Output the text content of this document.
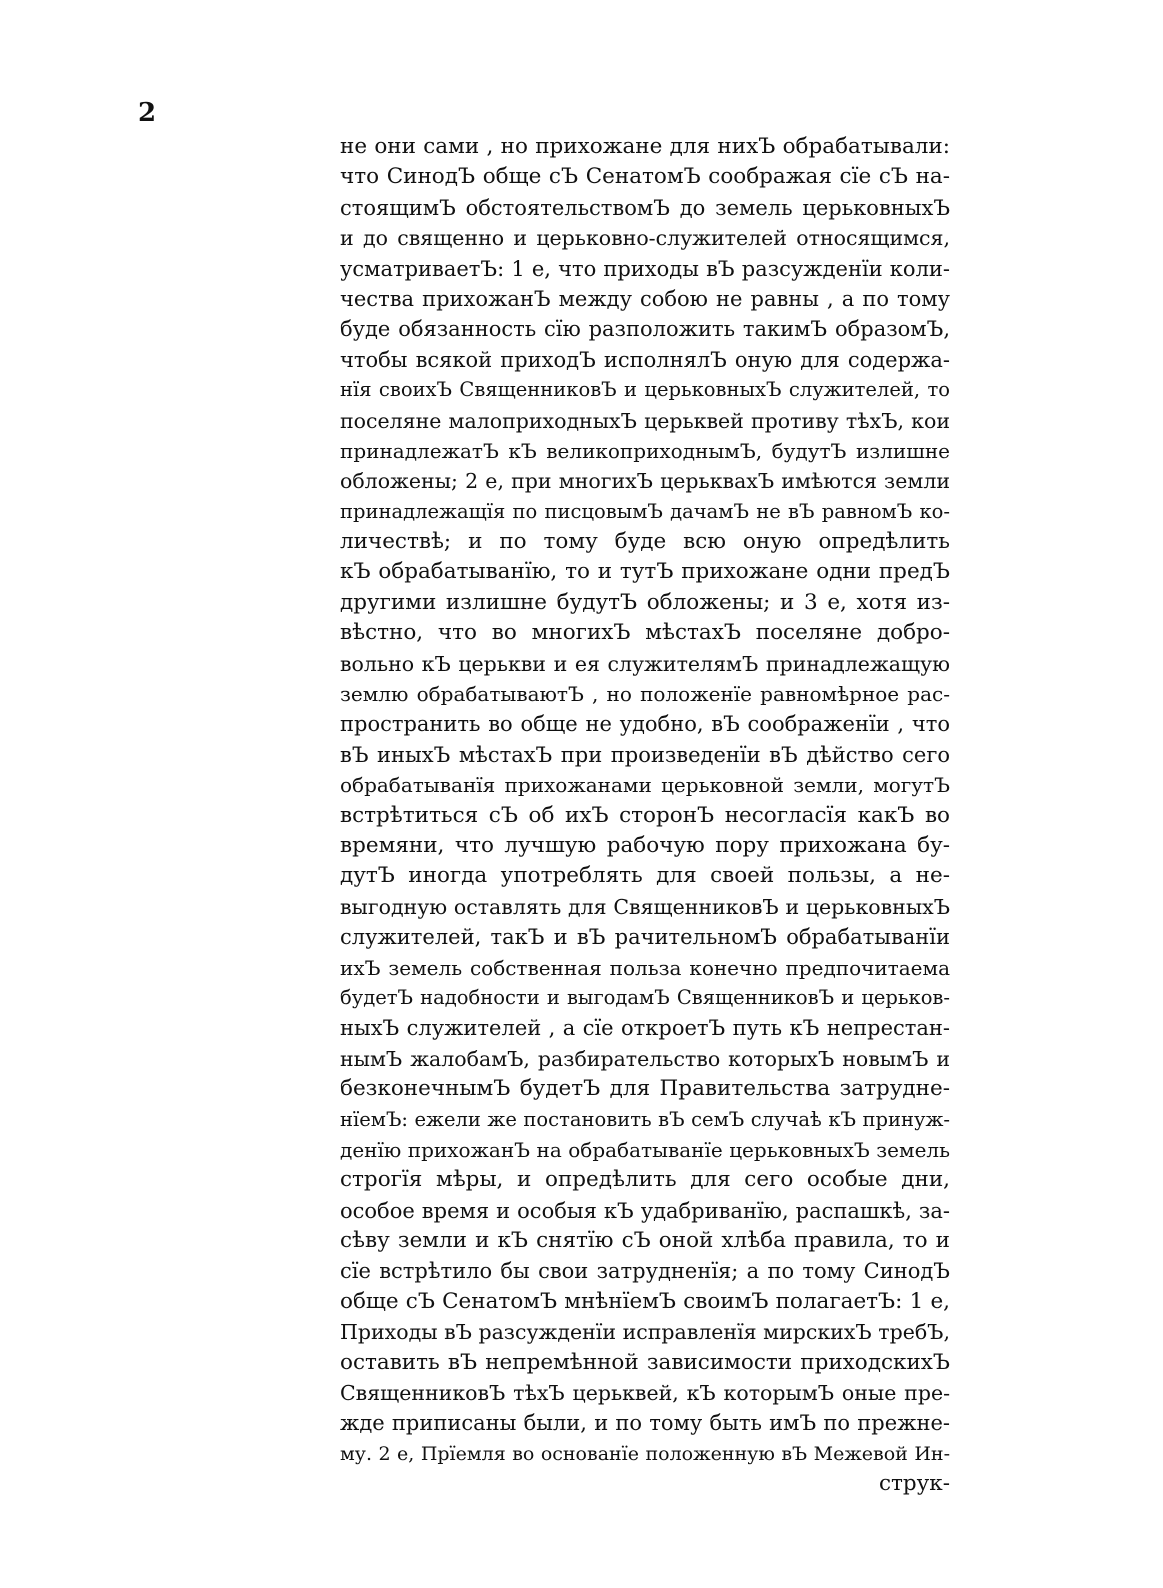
2
не они сами , но прихожане для нихЪ обрабатывали:
что СинодЪ обще сЪ СенатомЪ соображая сїе сЪ на-
стоящимЪ обстоятельствомЪ до земель церьковныхЪ
и до священно и церьковно-служителей относящимся,
усматриваетЪ: 1 е, что приходы вЪ разсужденїи коли-
чества прихожанЪ между собою не равны , а по тому
буде обязанность сїю разположить такимЪ образомЪ,
чтобы всякой приходЪ исполнялЪ оную для содержа-
нїя своихЪ СвященниковЪ и церьковныхЪ служителей, то
поселяне малоприходныхЪ церьквей противу тѣхЪ, кои
принадлежатЪ кЪ великоприходнымЪ, будутЪ излишне
обложены; 2 е, при многихЪ церьквахЪ имѣются земли
принадлежащїя по писцовымЪ дачамЪ не вЪ равномЪ ко-
личествѣ; и по тому буде всю оную опредѣлить
кЪ обрабатыванїю, то и тутЪ прихожане одни предЪ
другими излишне будутЪ обложены; и 3 е, хотя из-
вѣстно, что во многихЪ мѣстахЪ поселяне добро-
вольно кЪ церькви и ея служителямЪ принадлежащую
землю обрабатываютЪ , но положенїе равномѣрное рас-
пространить во обще не удобно, вЪ соображенїи , что
вЪ иныхЪ мѣстахЪ при произведенїи вЪ дѣйство сего
обрабатыванїя прихожанами церьковной земли, могутЪ
встрѣтиться сЪ об ихЪ сторонЪ несогласїя какЪ во
времяни, что лучшую рабочую пору прихожана бу-
дутЪ иногда употреблять для своей пользы, а не-
выгодную оставлять для СвященниковЪ и церьковныхЪ
служителей, такЪ и вЪ рачительномЪ обрабатыванїи
ихЪ земель собственная польза конечно предпочитаема
будетЪ надобности и выгодамЪ СвященниковЪ и церьков-
ныхЪ служителей , а сїе откроетЪ путь кЪ непрестан-
нымЪ жалобамЪ, разбирательство которыхЪ новымЪ и
безконечнымЪ будетЪ для Правительства затрудне-
нїемЪ: ежели же постановить вЪ семЪ случаѣ кЪ принуж-
денїю прихожанЪ на обрабатыванїе церьковныхЪ земель
строгїя мѣры, и опредѣлить для сего особые дни,
особое время и особыя кЪ удабриванїю, распашкѣ, за-
сѣву земли и кЪ снятїю сЪ оной хлѣба правила, то и
сїе встрѣтило бы свои затрудненїя; а по тому СинодЪ
обще сЪ СенатомЪ мнѣнїемЪ своимЪ полагаетЪ: 1 е,
Приходы вЪ разсужденїи исправленїя мирскихЪ требЪ,
оставить вЪ непремѣнной зависимости приходскихЪ
СвященниковЪ тѣхЪ церьквей, кЪ которымЪ оные пре-
жде приписаны были, и по тому быть имЪ по прежне-
му. 2 е, Прїемля во основанїе положенную вЪ Межевой Ин-
струк-
